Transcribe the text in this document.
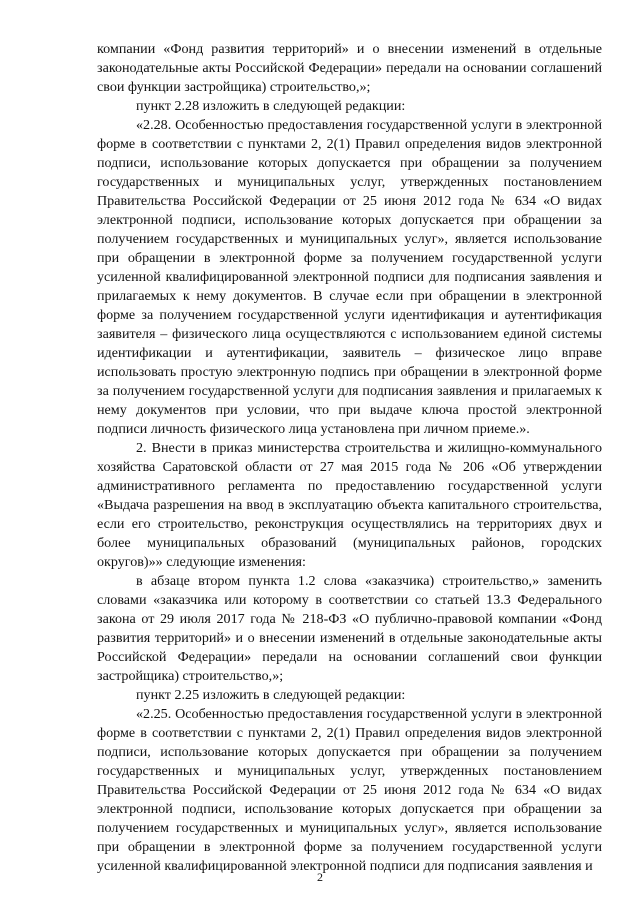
компании «Фонд развития территорий» и о внесении изменений в отдельные законодательные акты Российской Федерации» передали на основании соглашений свои функции застройщика) строительство,»;

пункт 2.28 изложить в следующей редакции:

«2.28. Особенностью предоставления государственной услуги в электронной форме в соответствии с пунктами 2, 2(1) Правил определения видов электронной подписи, использование которых допускается при обращении за получением государственных и муниципальных услуг, утвержденных постановлением Правительства Российской Федерации от 25 июня 2012 года № 634 «О видах электронной подписи, использование которых допускается при обращении за получением государственных и муниципальных услуг», является использование при обращении в электронной форме за получением государственной услуги усиленной квалифицированной электронной подписи для подписания заявления и прилагаемых к нему документов. В случае если при обращении в электронной форме за получением государственной услуги идентификация и аутентификация заявителя – физического лица осуществляются с использованием единой системы идентификации и аутентификации, заявитель – физическое лицо вправе использовать простую электронную подпись при обращении в электронной форме за получением государственной услуги для подписания заявления и прилагаемых к нему документов при условии, что при выдаче ключа простой электронной подписи личность физического лица установлена при личном приеме.».

2. Внести в приказ министерства строительства и жилищно-коммунального хозяйства Саратовской области от 27 мая 2015 года № 206 «Об утверждении административного регламента по предоставлению государственной услуги «Выдача разрешения на ввод в эксплуатацию объекта капитального строительства, если его строительство, реконструкция осуществлялись на территориях двух и более муниципальных образований (муниципальных районов, городских округов)»» следующие изменения:

в абзаце втором пункта 1.2 слова «заказчика) строительство,» заменить словами «заказчика или которому в соответствии со статьей 13.3 Федерального закона от 29 июля 2017 года № 218-ФЗ «О публично-правовой компании «Фонд развития территорий» и о внесении изменений в отдельные законодательные акты Российской Федерации» передали на основании соглашений свои функции застройщика) строительство,»;

пункт 2.25 изложить в следующей редакции:

«2.25. Особенностью предоставления государственной услуги в электронной форме в соответствии с пунктами 2, 2(1) Правил определения видов электронной подписи, использование которых допускается при обращении за получением государственных и муниципальных услуг, утвержденных постановлением Правительства Российской Федерации от 25 июня 2012 года № 634 «О видах электронной подписи, использование которых допускается при обращении за получением государственных и муниципальных услуг», является использование при обращении в электронной форме за получением государственной услуги усиленной квалифицированной электронной подписи для подписания заявления и

2
